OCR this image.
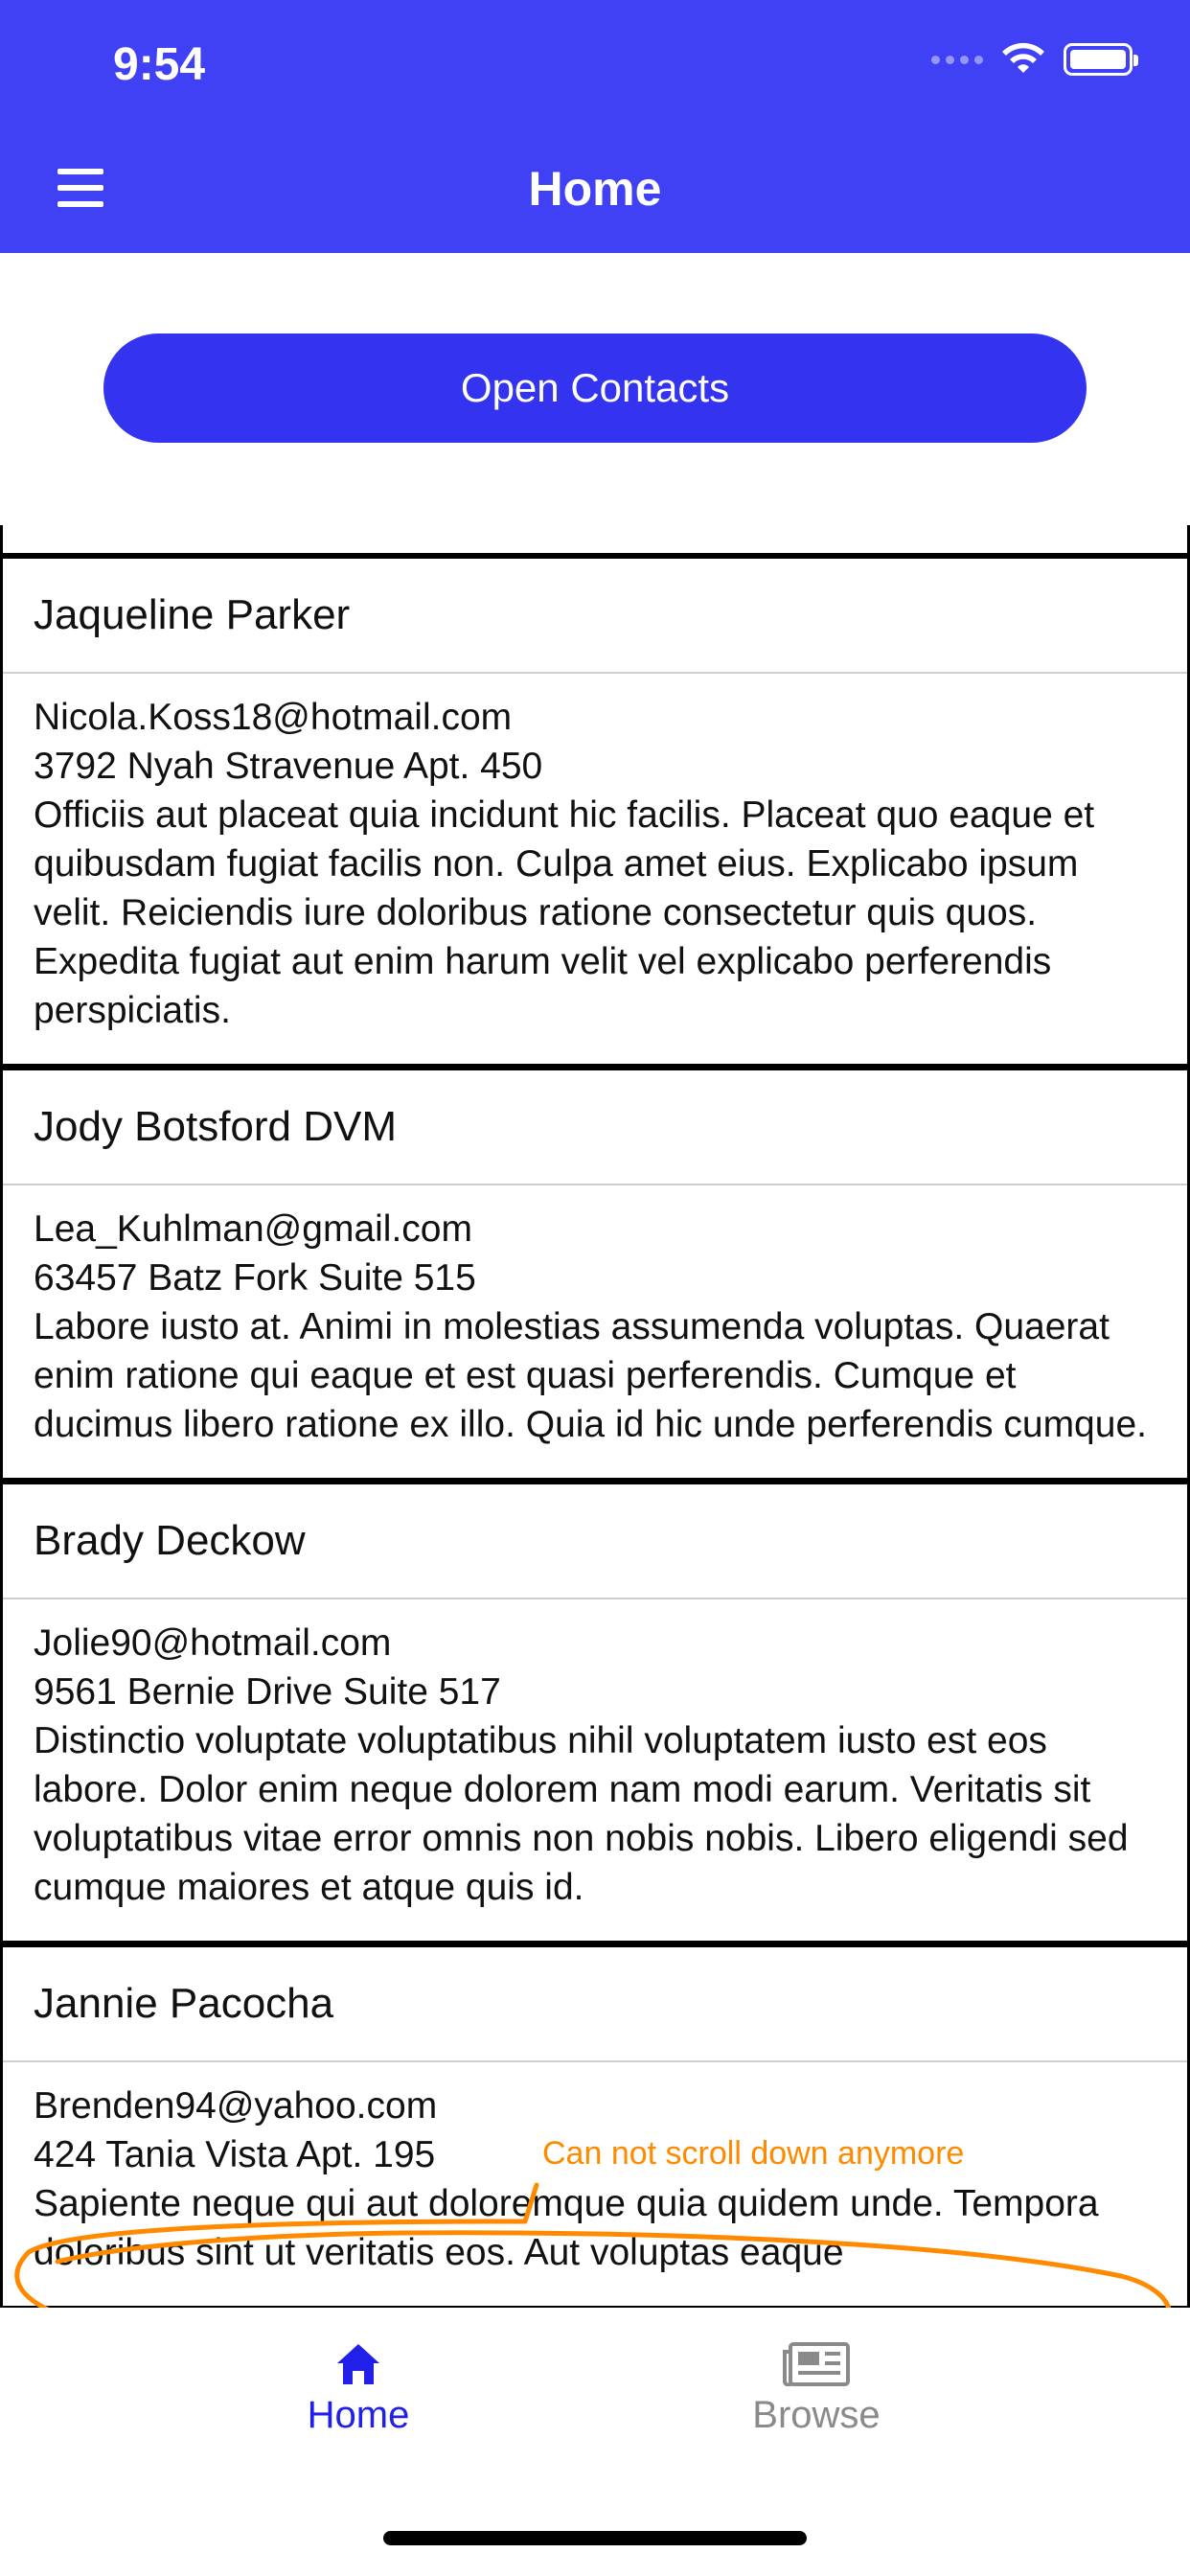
9:54
Home
Open Contacts
Jaqueline Parker
Nicola.Koss18@hotmail.com
3792 Nyah Stravenue Apt. 450
Officiis aut placeat quia incidunt hic facilis. Placeat quo eaque et quibusdam fugiat facilis non. Culpa amet eius. Explicabo ipsum velit. Reiciendis iure doloribus ratione consectetur quis quos. Expedita fugiat aut enim harum velit vel explicabo perferendis perspiciatis.
Jody Botsford DVM
Lea_Kuhlman@gmail.com
63457 Batz Fork Suite 515
Labore iusto at. Animi in molestias assumenda voluptas. Quaerat enim ratione qui eaque et est quasi perferendis. Cumque et ducimus libero ratione ex illo. Quia id hic unde perferendis cumque.
Brady Deckow
Jolie90@hotmail.com
9561 Bernie Drive Suite 517
Distinctio voluptate voluptatibus nihil voluptatem iusto est eos labore. Dolor enim neque dolorem nam modi earum. Veritatis sit voluptatibus vitae error omnis non nobis nobis. Libero eligendi sed cumque maiores et atque quis id.
Jannie Pacocha
Brenden94@yahoo.com
424 Tania Vista Apt. 195
Sapiente neque qui aut doloremque quia quidem unde. Tempora doloribus sint ut veritatis eos. Aut voluptas eaque
Can not scroll down anymore
Home	Browse
